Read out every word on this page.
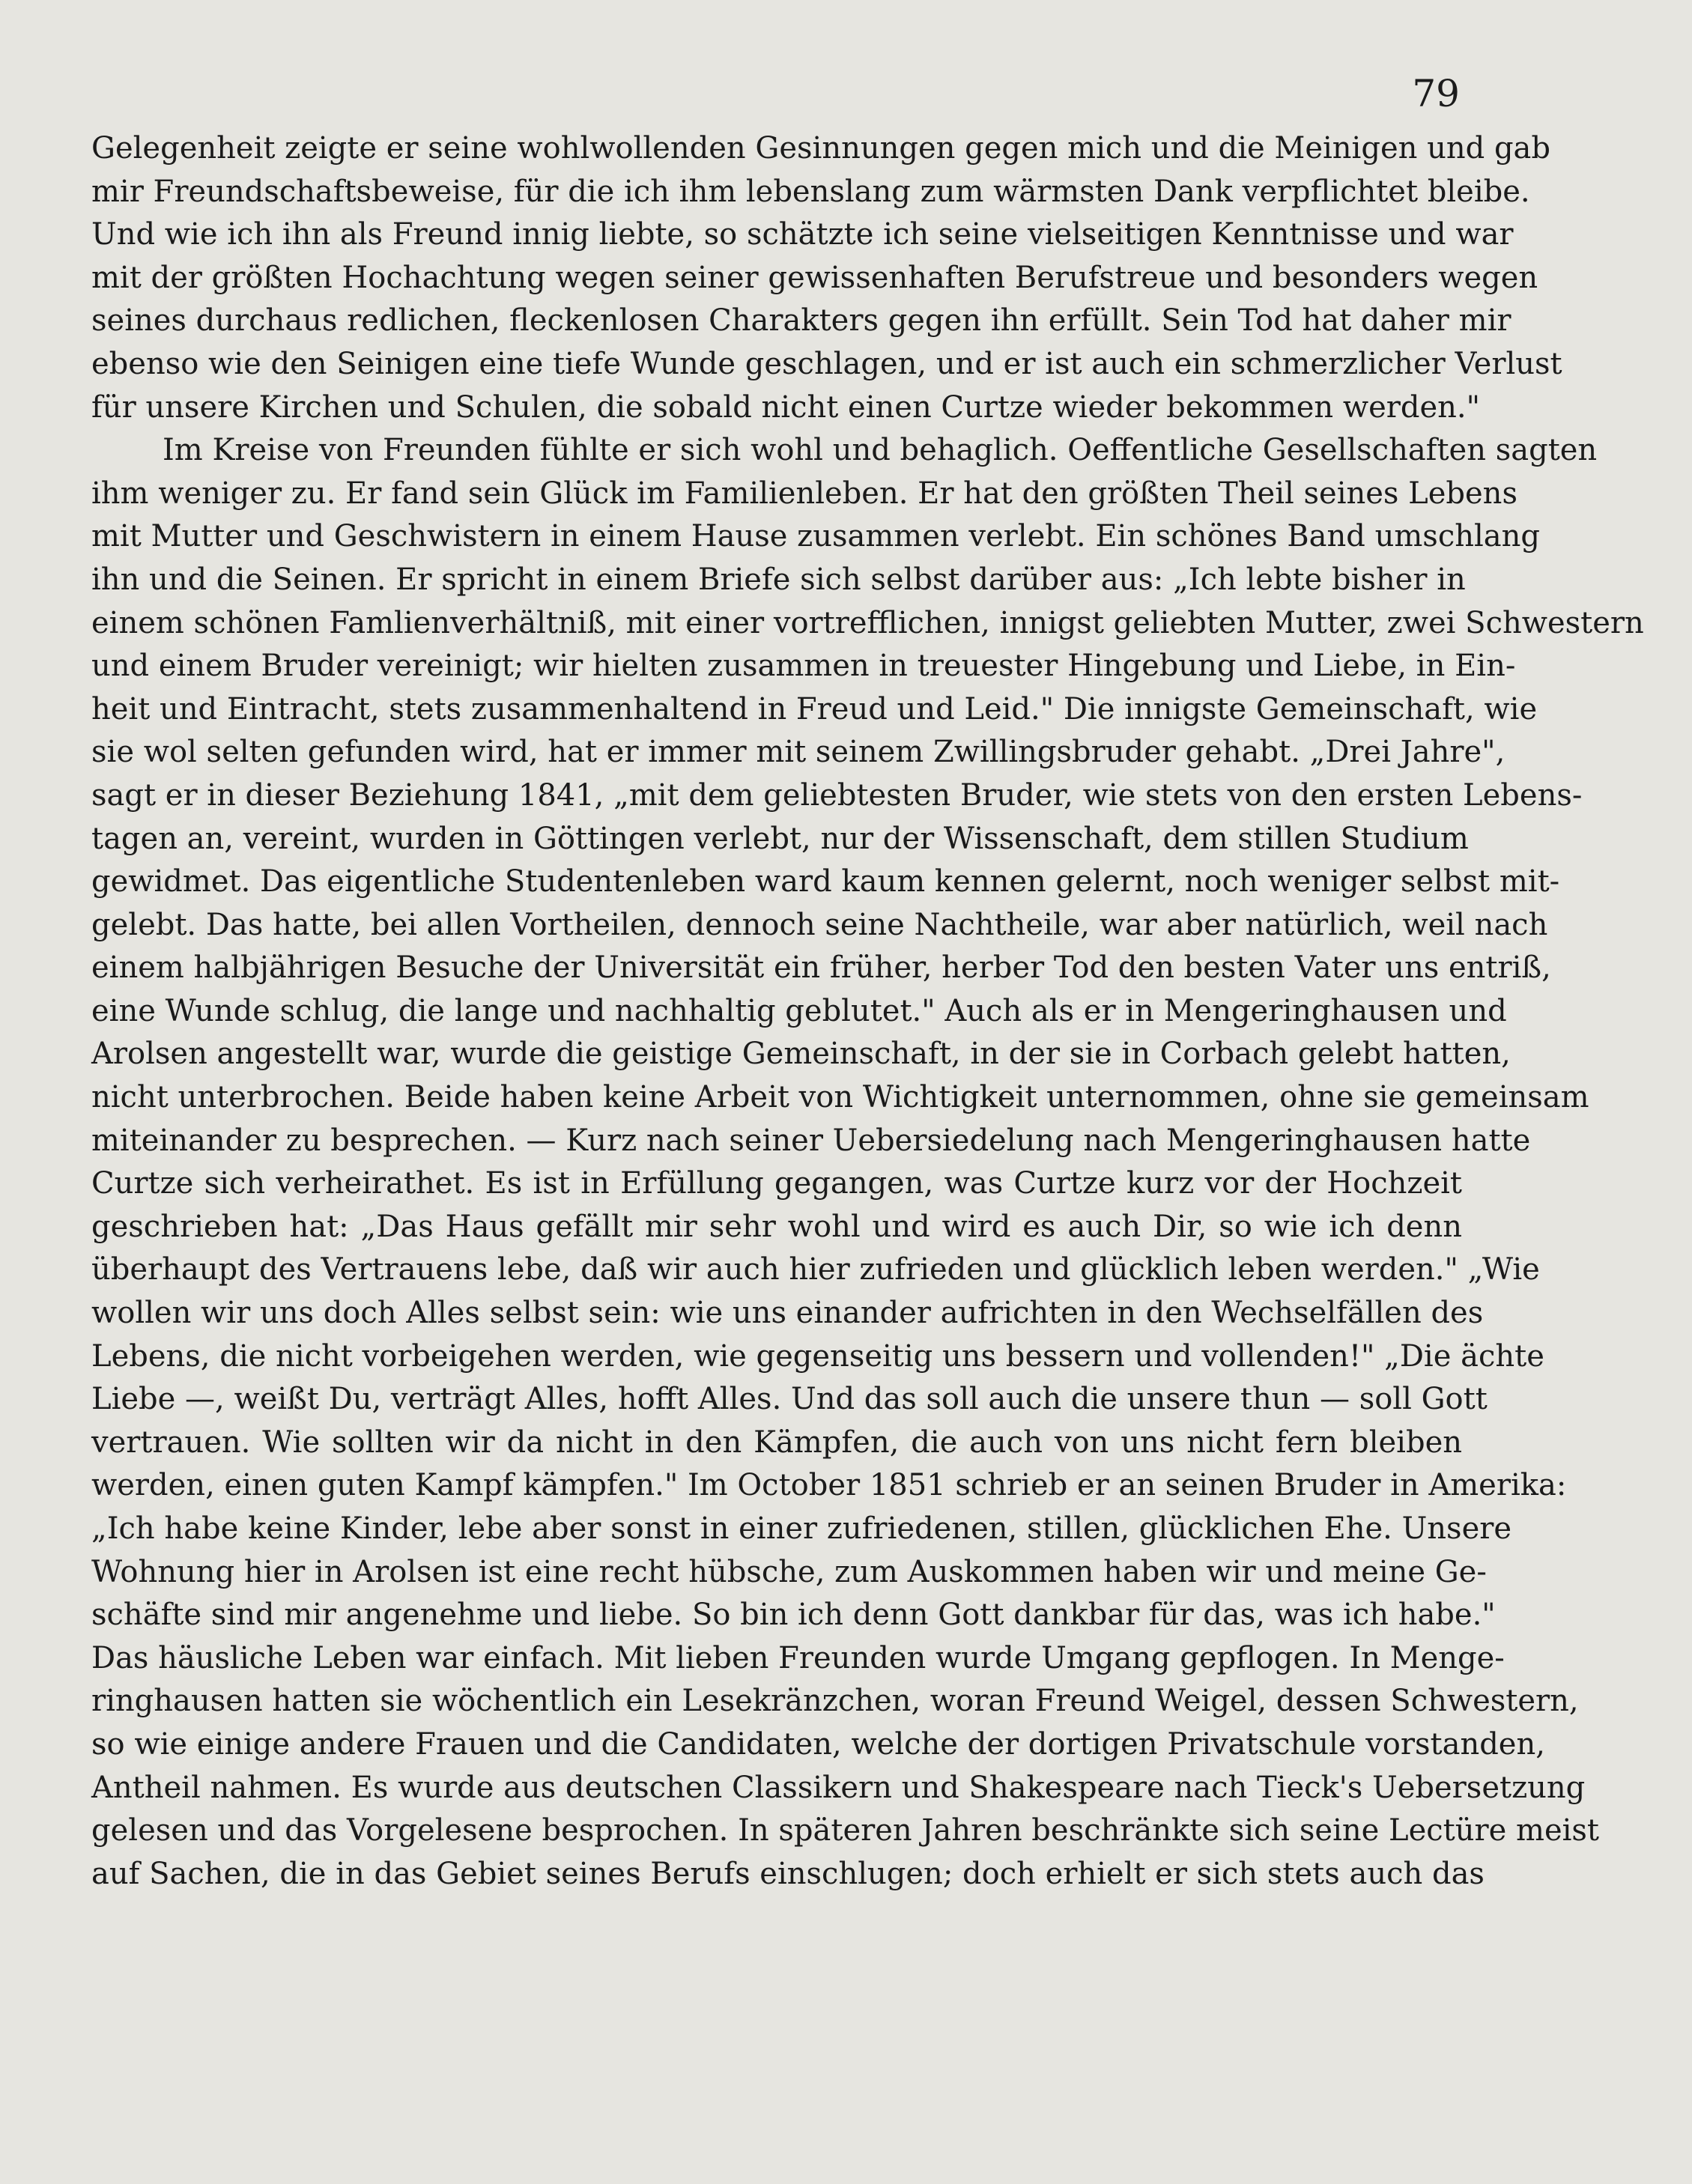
79
Gelegenheit zeigte er seine wohlwollenden Gesinnungen gegen mich und die Meinigen und gab
mir Freundschaftsbeweise, für die ich ihm lebenslang zum wärmsten Dank verpflichtet bleibe.
Und wie ich ihn als Freund innig liebte, so schätzte ich seine vielseitigen Kenntnisse und war
mit der größten Hochachtung wegen seiner gewissenhaften Berufstreue und besonders wegen
seines durchaus redlichen, fleckenlosen Charakters gegen ihn erfüllt. Sein Tod hat daher mir
ebenso wie den Seinigen eine tiefe Wunde geschlagen, und er ist auch ein schmerzlicher Verlust
für unsere Kirchen und Schulen, die sobald nicht einen Curtze wieder bekommen werden."
Im Kreise von Freunden fühlte er sich wohl und behaglich. Oeffentliche Gesellschaften sagten
ihm weniger zu. Er fand sein Glück im Familienleben. Er hat den größten Theil seines Lebens
mit Mutter und Geschwistern in einem Hause zusammen verlebt. Ein schönes Band umschlang
ihn und die Seinen. Er spricht in einem Briefe sich selbst darüber aus: „Ich lebte bisher in
einem schönen Famlienverhältniß, mit einer vortrefflichen, innigst geliebten Mutter, zwei Schwestern
und einem Bruder vereinigt; wir hielten zusammen in treuester Hingebung und Liebe, in Ein-
heit und Eintracht, stets zusammenhaltend in Freud und Leid." Die innigste Gemeinschaft, wie
sie wol selten gefunden wird, hat er immer mit seinem Zwillingsbruder gehabt. „Drei Jahre",
sagt er in dieser Beziehung 1841, „mit dem geliebtesten Bruder, wie stets von den ersten Lebens-
tagen an, vereint, wurden in Göttingen verlebt, nur der Wissenschaft, dem stillen Studium
gewidmet. Das eigentliche Studentenleben ward kaum kennen gelernt, noch weniger selbst mit-
gelebt. Das hatte, bei allen Vortheilen, dennoch seine Nachtheile, war aber natürlich, weil nach
einem halbjährigen Besuche der Universität ein früher, herber Tod den besten Vater uns entriß,
eine Wunde schlug, die lange und nachhaltig geblutet." Auch als er in Mengeringhausen und
Arolsen angestellt war, wurde die geistige Gemeinschaft, in der sie in Corbach gelebt hatten,
nicht unterbrochen. Beide haben keine Arbeit von Wichtigkeit unternommen, ohne sie gemeinsam
miteinander zu besprechen. — Kurz nach seiner Uebersiedelung nach Mengeringhausen hatte
Curtze sich verheirathet. Es ist in Erfüllung gegangen, was Curtze kurz vor der Hochzeit
geschrieben hat: „Das Haus gefällt mir sehr wohl und wird es auch Dir, so wie ich denn
überhaupt des Vertrauens lebe, daß wir auch hier zufrieden und glücklich leben werden." „Wie
wollen wir uns doch Alles selbst sein: wie uns einander aufrichten in den Wechselfällen des
Lebens, die nicht vorbeigehen werden, wie gegenseitig uns bessern und vollenden!" „Die ächte
Liebe —, weißt Du, verträgt Alles, hofft Alles. Und das soll auch die unsere thun — soll Gott
vertrauen. Wie sollten wir da nicht in den Kämpfen, die auch von uns nicht fern bleiben
werden, einen guten Kampf kämpfen." Im October 1851 schrieb er an seinen Bruder in Amerika:
„Ich habe keine Kinder, lebe aber sonst in einer zufriedenen, stillen, glücklichen Ehe. Unsere
Wohnung hier in Arolsen ist eine recht hübsche, zum Auskommen haben wir und meine Ge-
schäfte sind mir angenehme und liebe. So bin ich denn Gott dankbar für das, was ich habe."
Das häusliche Leben war einfach. Mit lieben Freunden wurde Umgang gepflogen. In Menge-
ringhausen hatten sie wöchentlich ein Lesekränzchen, woran Freund Weigel, dessen Schwestern,
so wie einige andere Frauen und die Candidaten, welche der dortigen Privatschule vorstanden,
Antheil nahmen. Es wurde aus deutschen Classikern und Shakespeare nach Tieck's Uebersetzung
gelesen und das Vorgelesene besprochen. In späteren Jahren beschränkte sich seine Lectüre meist
auf Sachen, die in das Gebiet seines Berufs einschlugen; doch erhielt er sich stets auch das
